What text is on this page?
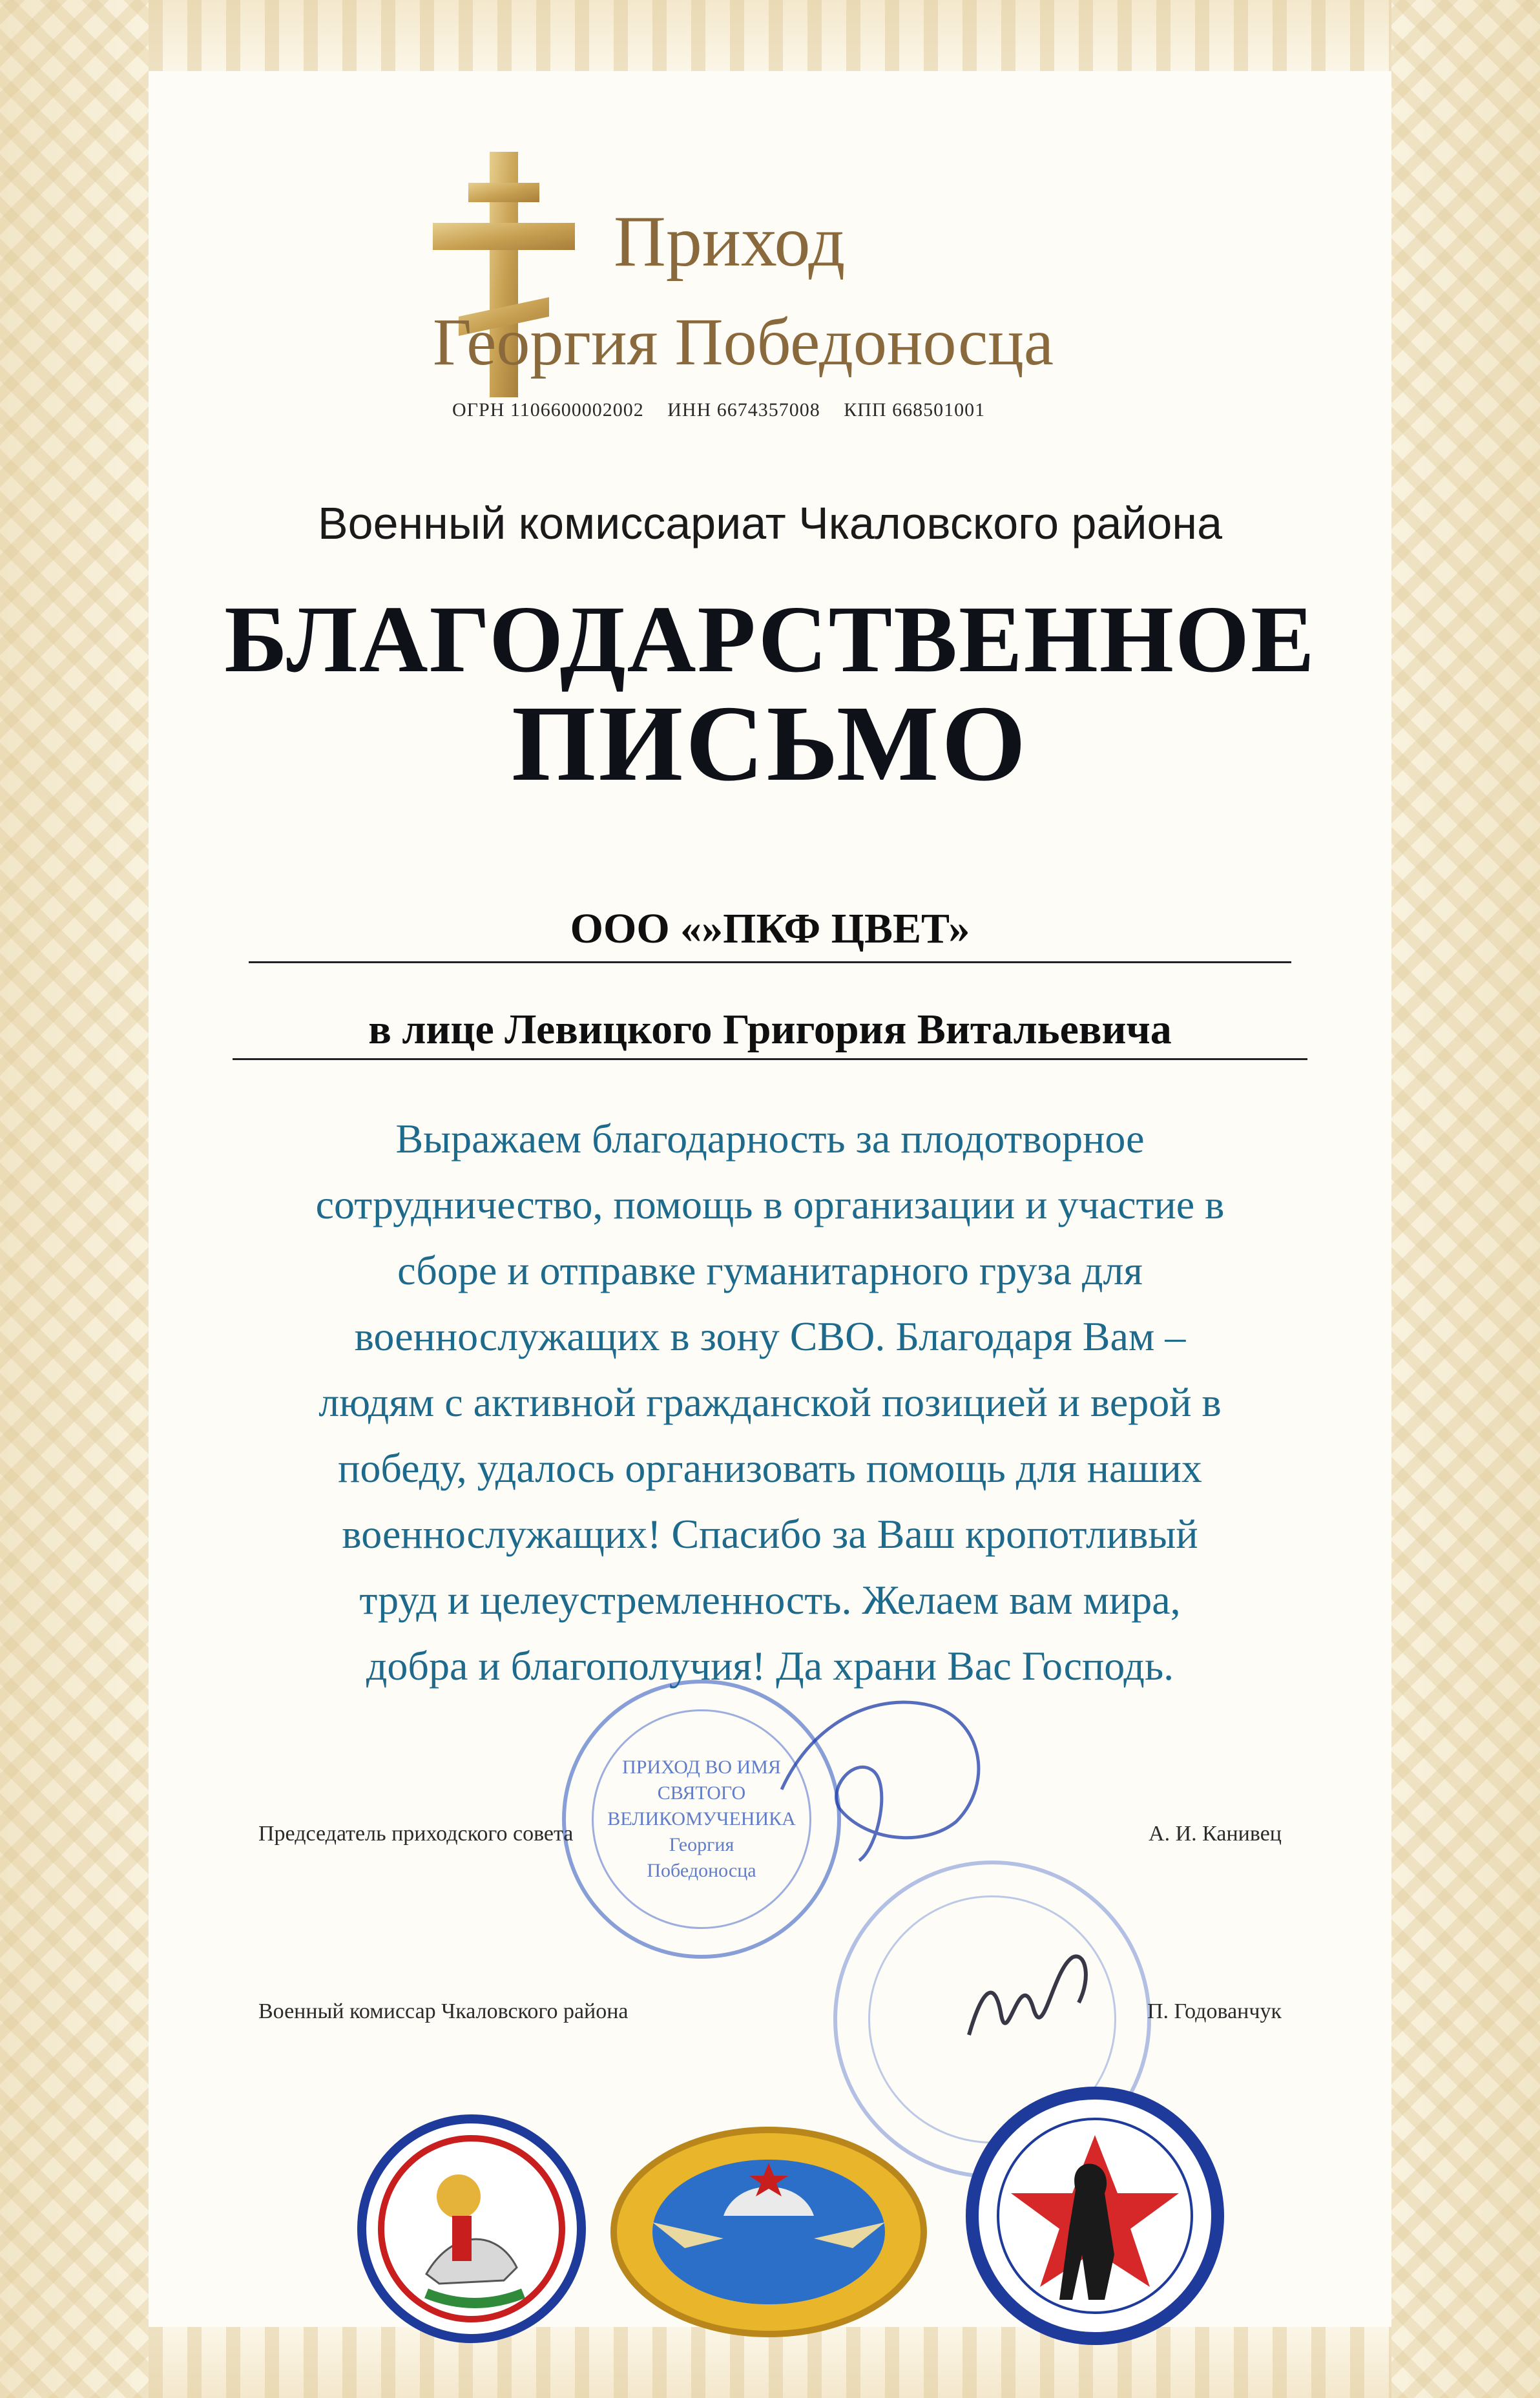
Приход
Георгия Победоносца
ОГРН 1106600002002 ИНН 6674357008 КПП 668501001
Военный комиссариат Чкаловского района
БЛАГОДАРСТВЕННОЕ
ПИСЬМО
ООО «»ПКФ ЦВЕТ»
в лице Левицкого Григория Витальевича
Выражаем благодарность за плодотворное
сотрудничество, помощь в организации и участие в
сборе и отправке гуманитарного груза для
военнослужащих в зону СВО. Благодаря Вам –
людям с активной гражданской позицией и верой в
победу, удалось организовать помощь для наших
военнослужащих! Спасибо за Ваш кропотливый
труд и целеустремленность. Желаем вам мира,
добра и благополучия! Да храни Вас Господь.
ПРИХОД ВО ИМЯ
СВЯТОГО
ВЕЛИКОМУЧЕНИКА
Георгия
Победоносца
Председатель приходского совета	А. И. Канивец
Военный комиссар Чкаловского района	П. Годованчук
